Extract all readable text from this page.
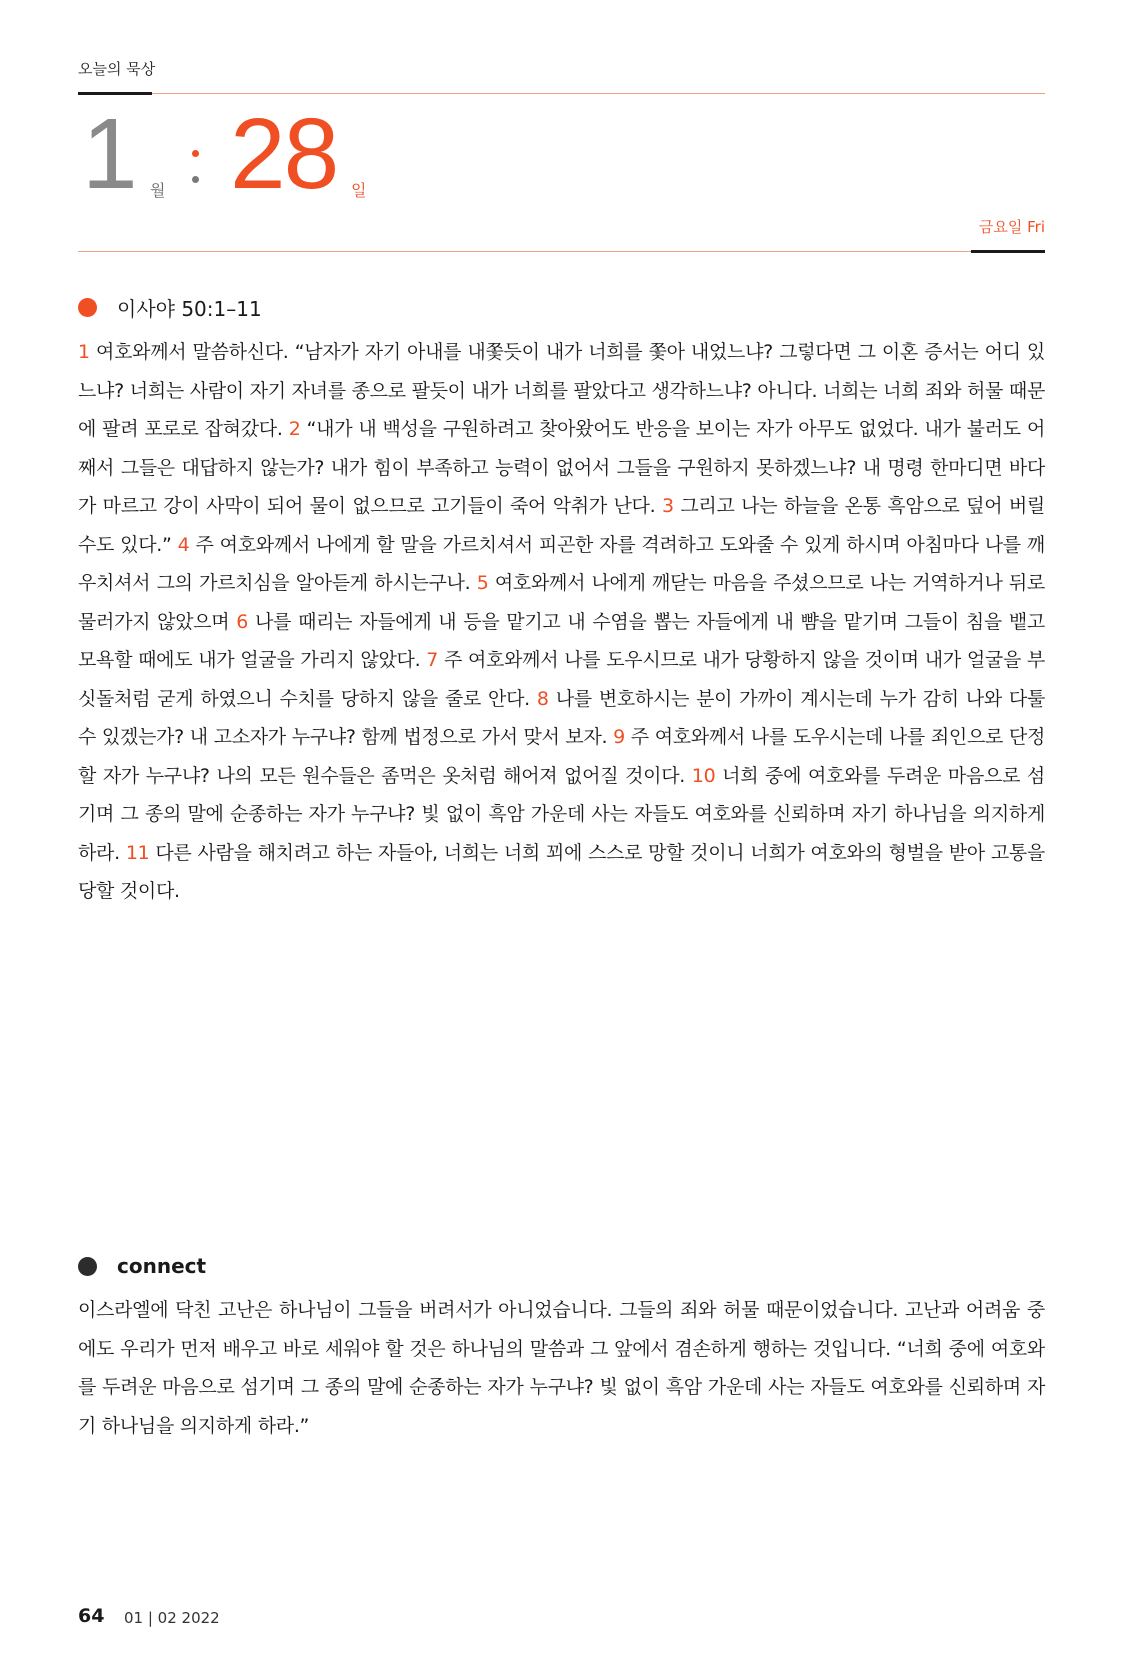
오늘의 묵상
1 월 28 일
금요일 Fri
이사야 50:1–11
1 여호와께서 말씀하신다. “남자가 자기 아내를 내쫓듯이 내가 너희를 쫓아 내었느냐? 그렇다면 그 이혼 증서는 어디 있느냐? 너희는 사람이 자기 자녀를 종으로 팔듯이 내가 너희를 팔았다고 생각하느냐? 아니다. 너희는 너희 죄와 허물 때문에 팔려 포로로 잡혀갔다. 2 “내가 내 백성을 구원하려고 찾아왔어도 반응을 보이는 자가 아무도 없었다. 내가 불러도 어째서 그들은 대답하지 않는가? 내가 힘이 부족하고 능력이 없어서 그들을 구원하지 못하겠느냐? 내 명령 한마디면 바다가 마르고 강이 사막이 되어 물이 없으므로 고기들이 죽어 악취가 난다. 3 그리고 나는 하늘을 온통 흑암으로 덮어 버릴 수도 있다.” 4 주 여호와께서 나에게 할 말을 가르치셔서 피곤한 자를 격려하고 도와줄 수 있게 하시며 아침마다 나를 깨우치셔서 그의 가르치심을 알아듣게 하시는구나. 5 여호와께서 나에게 깨닫는 마음을 주셨으므로 나는 거역하거나 뒤로 물러가지 않았으며 6 나를 때리는 자들에게 내 등을 맡기고 내 수염을 뽑는 자들에게 내 뺨을 맡기며 그들이 침을 뱉고 모욕할 때에도 내가 얼굴을 가리지 않았다. 7 주 여호와께서 나를 도우시므로 내가 당황하지 않을 것이며 내가 얼굴을 부싯돌처럼 굳게 하였으니 수치를 당하지 않을 줄로 안다. 8 나를 변호하시는 분이 가까이 계시는데 누가 감히 나와 다툴 수 있겠는가? 내 고소자가 누구냐? 함께 법정으로 가서 맞서 보자. 9 주 여호와께서 나를 도우시는데 나를 죄인으로 단정할 자가 누구냐? 나의 모든 원수들은 좀먹은 옷처럼 해어져 없어질 것이다. 10 너희 중에 여호와를 두려운 마음으로 섬기며 그 종의 말에 순종하는 자가 누구냐? 빛 없이 흑암 가운데 사는 자들도 여호와를 신뢰하며 자기 하나님을 의지하게 하라. 11 다른 사람을 해치려고 하는 자들아, 너희는 너희 꾀에 스스로 망할 것이니 너희가 여호와의 형벌을 받아 고통을 당할 것이다.
connect
이스라엘에 닥친 고난은 하나님이 그들을 버려서가 아니었습니다. 그들의 죄와 허물 때문이었습니다. 고난과 어려움 중에도 우리가 먼저 배우고 바로 세워야 할 것은 하나님의 말씀과 그 앞에서 겸손하게 행하는 것입니다. “너희 중에 여호와를 두려운 마음으로 섬기며 그 종의 말에 순종하는 자가 누구냐? 빛 없이 흑암 가운데 사는 자들도 여호와를 신뢰하며 자기 하나님을 의지하게 하라.”
64 01 | 02 2022
